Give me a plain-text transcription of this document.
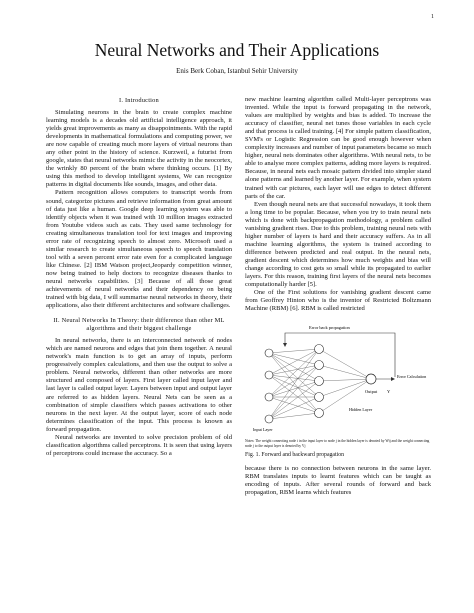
1
Neural Networks and Their Applications
Enis Berk Coban, Istanbul Sehir University
I. Introduction

Simulating neurons in the brain to create complex machine learning models is a decades old artificial intelligence approach, it yields great improvements as many as disappointments. With the rapid developments in mathematical formulations and computing power, we are now capable of creating much more layers of virtual neurons than any other point in the history of science. Kurzweil, a futurist from google, states that neural networks mimic the activity in the neocortex, the wrinkly 80 percent of the brain where thinking occurs. [1] By using this method to develop intelligent systems, We can recognize patterns in digital documents like sounds, images, and other data.

Pattern recognition allows computers to transcript words from sound, categorize pictures and retrieve information from great amount of data just like a human. Google deep learning system was able to identify objects when it was trained with 10 million images extracted from Youtube videos such as cats. They used same technology for creating simultaneous translation tool for text images and improving error rate of recognizing speech to almost zero. Microsoft used a similar research to create simultaneous speech to speech translation tool with a seven percent error rate even for a complicated language like Chinese. [2] IBM Watson project,Jeopardy competition winner, now being trained to help doctors to recognize diseases thanks to neural networks capabilities. [3] Because of all those great achievements of neural networks and their dependency on being trained with big data, I will summarise neural networks in theory, their applications, also their different architectures and software challenges.

II. Neural Networks In Theory: their difference than other ML algorithms and their biggest challenge

In neural networks, there is an interconnected network of nodes which are named neurons and edges that join them together. A neural network's main function is to get an array of inputs, perform progressively complex calculations, and then use the output to solve a problem. Neural networks, different than other networks are more structured and composed of layers. First layer called input layer and last layer is called output layer. Layers between input and output layer are referred to as hidden layers. Neural Nets can be seen as a combination of simple classifiers which passes activations to other neurons in the next layer. At the output layer, score of each node determines classification of the input. This process is known as forward propagation.

Neural networks are invented to solve precision problem of old classification algorithms called perceptrons. It is seen that using layers of perceptrons could increase the accuracy. So a

new machine learning algorithm called Multi-layer perceptrons was invented. While the input is forward propagating in the network, values are multiplied by weights and bias is added. To increase the accuracy of classifier, neural net tunes those variables in each cycle and that process is called training. [4] For simple pattern classification, SVM's or Logistic Regression can be good enough however when complexity increases and number of input parameters became so much higher, neural nets dominates other algorithms. With neural nets, to be able to analyse more complex patterns, adding more layers is required. Because, in neural nets each mosaic pattern divided into simpler stand alone patterns and learned by another layer. For example, when system trained with car pictures, each layer will use edges to detect different parts of the car.

Even though neural nets are that successful nowadays, it took them a long time to be popular. Because, when you try to train neural nets which is done with backpropagation methodology, a problem called vanishing gradient rises. Due to this problem, training neural nets with higher number of layers is hard and their accuracy suffers. As in all machine learning algorithms, the system is trained according to difference between predicted and real output. In the neural nets, gradient descent which determines how much weights and bias will change according to cost gets so small while its propagated to earlier layers. For this reason, training first layers of the neural nets becomes computationally harder [5].

One of the First solutions for vanishing gradient descent came from Geoffrey Hinton who is the inventor of Restricted Boltzmann Machine (RBM) [6]. RBM is called restricted

Error back propagation
Error Calculation
Output Y
Hidden Layer
Input Layer
Notes: The weight connecting node i in the input layer to node j in the hidden layer is denoted by Wij and the weight connecting node j to the output layer is denoted by Vj

Fig. 1. Forward and backward propagation

because there is no connection between neurons in the same layer. RBM translates inputs to learnt features which can be taught as encoding of inputs. After several rounds of forward and back propagation, RBM learns which features
